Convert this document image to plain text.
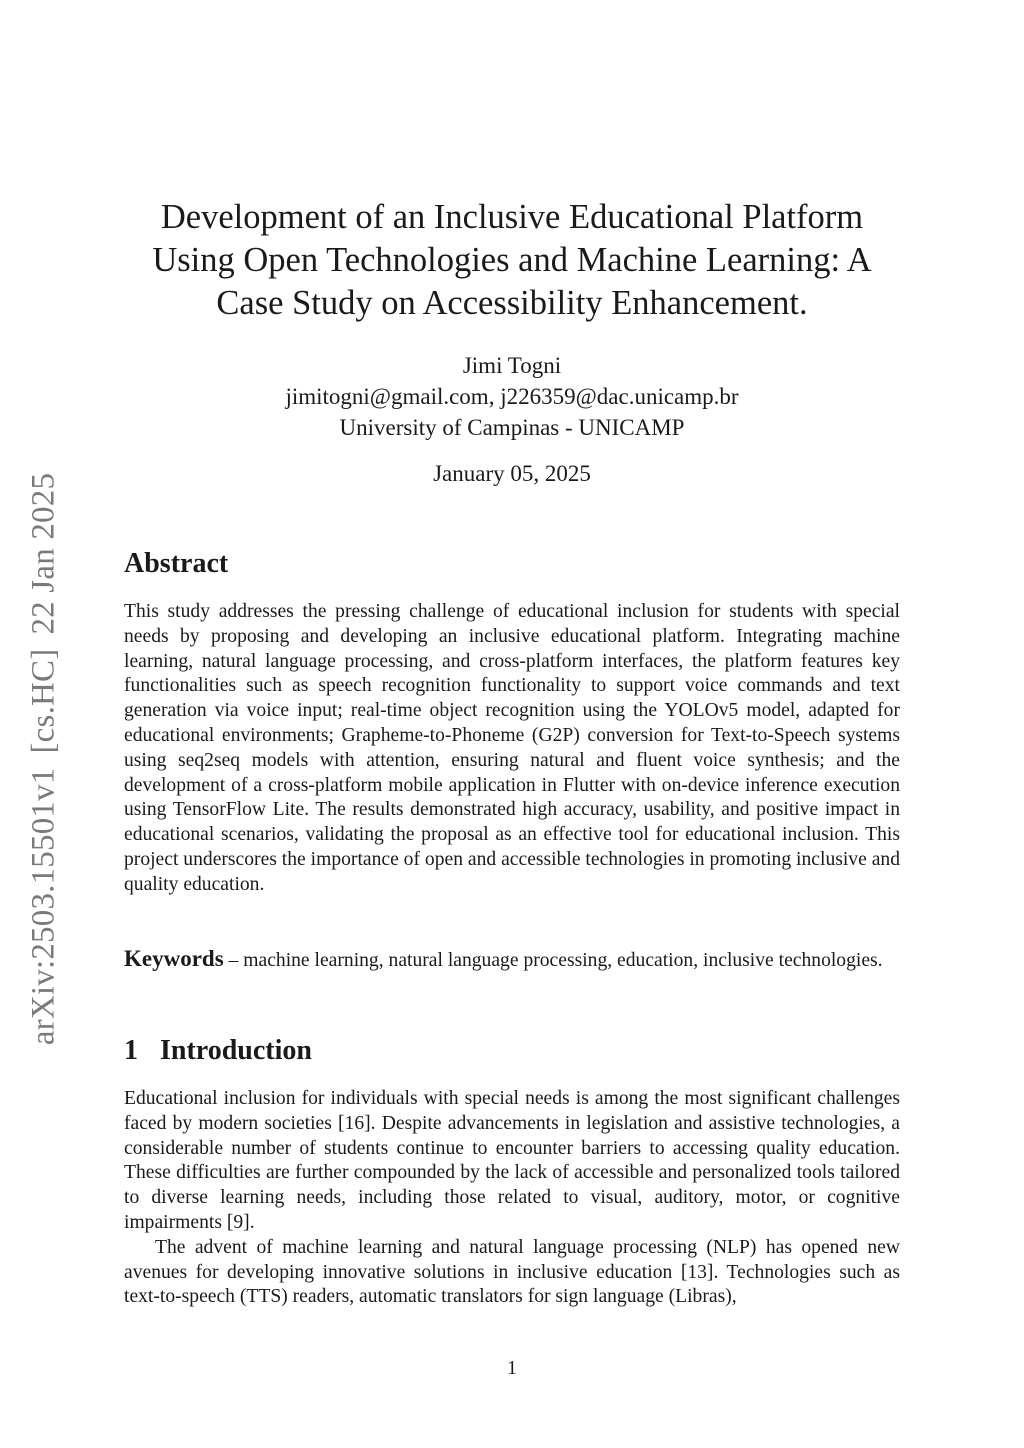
arXiv:2503.15501v1[cs.HC]22 Jan 2025
Development of an Inclusive Educational Platform
Using Open Technologies and Machine Learning: A
Case Study on Accessibility Enhancement.
Jimi Togni
jimitogni@gmail.com, j226359@dac.unicamp.br
University of Campinas - UNICAMP
January 05, 2025
Abstract
This study addresses the pressing challenge of educational inclusion for students with special needs by proposing and developing an inclusive educational platform. Integrating machine learning, natural language processing, and cross-platform interfaces, the platform features key functionalities such as speech recognition functionality to support voice commands and text generation via voice input; real-time object recognition using the YOLOv5 model, adapted for educational environments; Grapheme-to-Phoneme (G2P) conversion for Text-to-Speech systems using seq2seq models with attention, ensuring natural and fluent voice synthesis; and the development of a cross-platform mobile application in Flutter with on-device inference execution using TensorFlow Lite. The results demonstrated high accuracy, usability, and positive impact in educational scenarios, validating the proposal as an effective tool for educational inclusion. This project underscores the importance of open and accessible technologies in promoting inclusive and quality education.
Keywords – machine learning, natural language processing, education, inclusive technologies.
1 Introduction

Educational inclusion for individuals with special needs is among the most significant challenges faced by modern societies [16]. Despite advancements in legislation and assistive technologies, a considerable number of students continue to encounter barriers to accessing quality education. These difficulties are further compounded by the lack of accessible and personalized tools tailored to diverse learning needs, including those related to visual, auditory, motor, or cognitive impairments [9].

The advent of machine learning and natural language processing (NLP) has opened new avenues for developing innovative solutions in inclusive education [13]. Technologies such as text-to-speech (TTS) readers, automatic translators for sign language (Libras),

1
